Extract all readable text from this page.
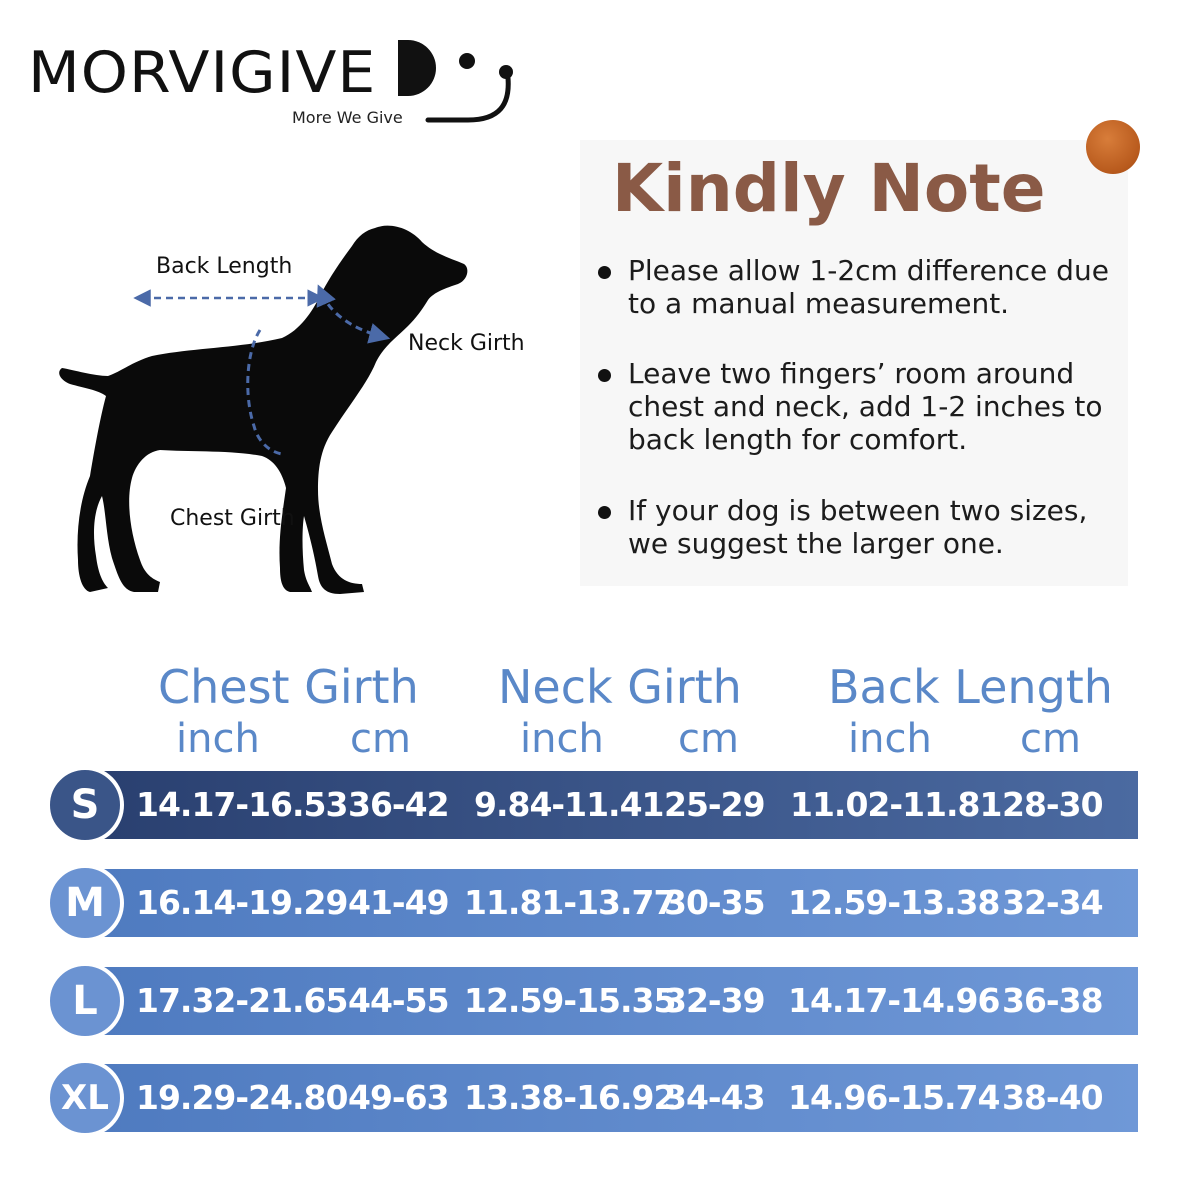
MORVIGIVE
More We Give
Kindly Note
Please allow 1-2cm difference due to a manual measurement.
Leave two fingers’ room around chest and neck, add 1-2 inches to back length for comfort.
If your dog is between two sizes, we suggest the larger one.
Back Length
Neck Girth
Chest Girth
Chest Girth Neck Girth Back Length
inch cm	inch cm	inch cm
14.17-16.53 36-42 9.84-11.41 25-29 11.02-11.81 28-30
S
16.14-19.29 41-49 11.81-13.77
30-35 12.59-13.38 32-34
M
17.32-21.65 44-55 12.59-15.35
32-39 14.17-14.96 36-38
L
19.29-24.80 49-63 13.38-16.92
34-43 14.96-15.74 38-40
XL
